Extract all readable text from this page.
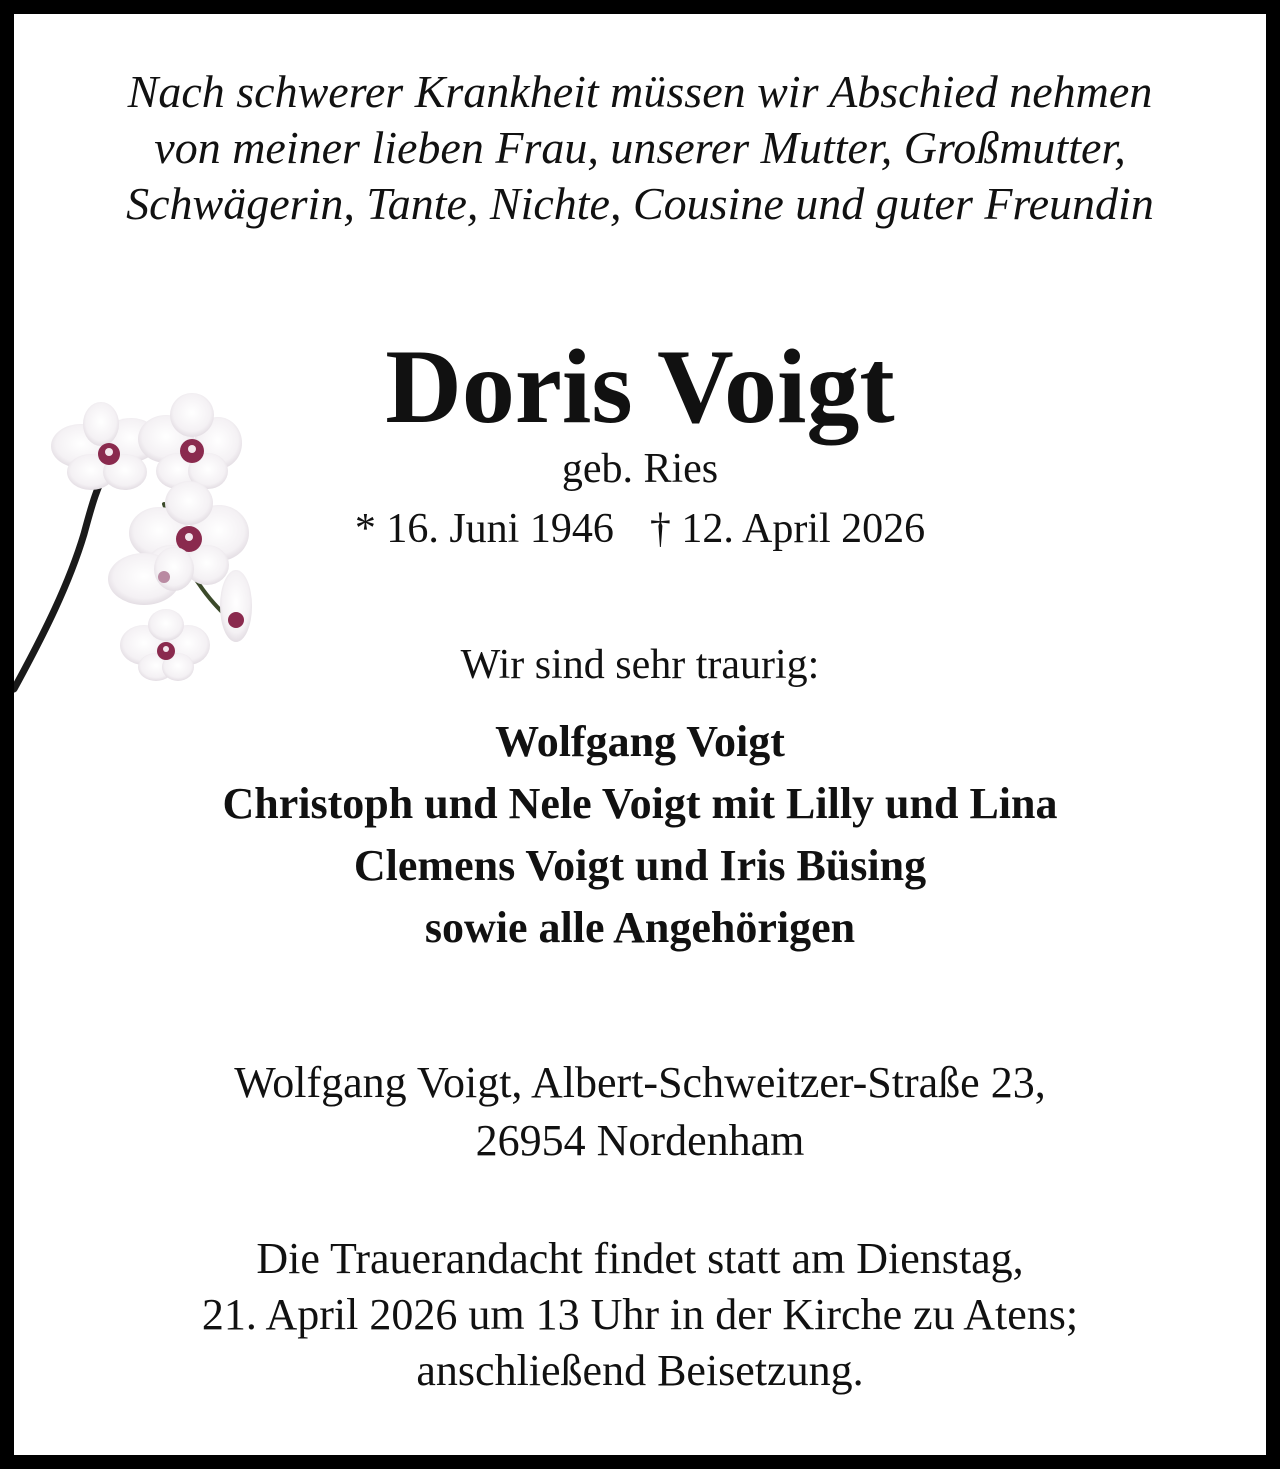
Nach schwerer Krankheit müssen wir Abschied nehmen
von meiner lieben Frau, unserer Mutter, Großmutter,
Schwägerin, Tante, Nichte, Cousine und guter Freundin
Doris Voigt
geb. Ries
* 16. Juni 1946 † 12. April 2026
Wir sind sehr traurig:
Wolfgang Voigt
Christoph und Nele Voigt mit Lilly und Lina
Clemens Voigt und Iris Büsing
sowie alle Angehörigen
Wolfgang Voigt, Albert-Schweitzer-Straße 23,
26954 Nordenham
Die Trauerandacht findet statt am Dienstag,
21. April 2026 um 13 Uhr in der Kirche zu Atens;
anschließend Beisetzung.
